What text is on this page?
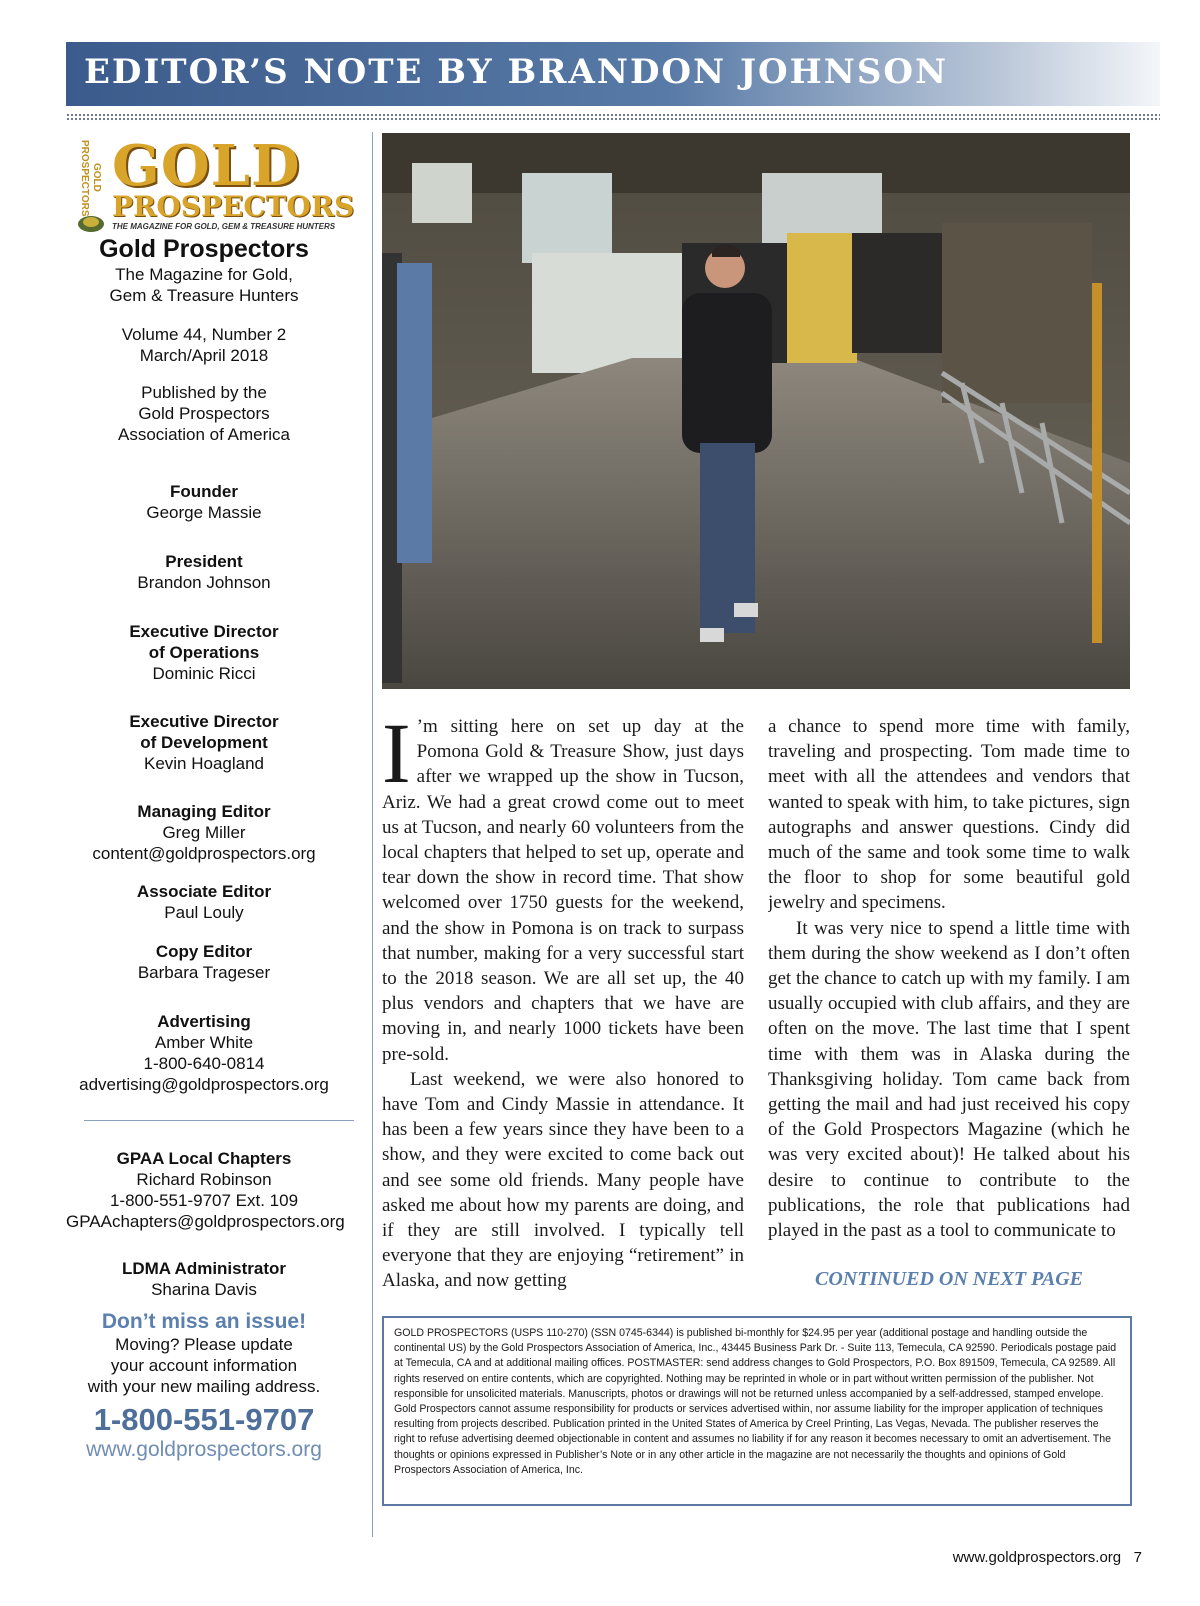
EDITOR’S NOTE BY BRANDON JOHNSON
GOLD PROSPECTORS GOLD
PROSPECTORS
THE MAGAZINE FOR GOLD, GEM & TREASURE HUNTERS
Gold Prospectors
The Magazine for Gold,
Gem & Treasure Hunters
Volume 44, Number 2
March/April 2018
Published by the
Gold Prospectors
Association of America
Founder
George Massie
President
Brandon Johnson
Executive Director
of Operations
Dominic Ricci
Executive Director
of Development
Kevin Hoagland
Managing Editor
Greg Miller
content@goldprospectors.org
Associate Editor
Paul Louly
Copy Editor
Barbara Trageser
Advertising
Amber White
1-800-640-0814
advertising@goldprospectors.org
GPAA Local Chapters
Richard Robinson
1-800-551-9707 Ext. 109
GPAAchapters@goldprospectors.org
LDMA Administrator
Sharina Davis
Don’t miss an issue!
Moving? Please update
your account information
with your new mailing address.
1-800-551-9707
www.goldprospectors.org

I ’m sitting here on set up day at the Pomona Gold & Treasure Show, just days after we wrapped up the show in Tucson, Ariz. We had a great crowd come out to meet us at Tucson, and nearly 60 volunteers from the local chapters that helped to set up, operate and tear down the show in record time. That show welcomed over 1750 guests for the weekend, and the show in Pomona is on track to surpass that number, making for a very successful start to the 2018 season. We are all set up, the 40 plus vendors and chapters that we have are moving in, and nearly 1000 tickets have been pre-sold.

Last weekend, we were also honored to have Tom and Cindy Massie in attendance. It has been a few years since they have been to a show, and they were excited to come back out and see some old friends. Many people have asked me about how my parents are doing, and if they are still involved. I typically tell everyone that they are enjoying “retirement” in Alaska, and now getting

a chance to spend more time with family, traveling and prospecting. Tom made time to meet with all the attendees and vendors that wanted to speak with him, to take pictures, sign autographs and answer questions. Cindy did much of the same and took some time to walk the floor to shop for some beautiful gold jewelry and specimens.

It was very nice to spend a little time with them during the show weekend as I don’t often get the chance to catch up with my family. I am usually occupied with club affairs, and they are often on the move. The last time that I spent time with them was in Alaska during the Thanksgiving holiday. Tom came back from getting the mail and had just received his copy of the Gold Prospectors Magazine (which he was very excited about)! He talked about his desire to continue to contribute to the publications, the role that publications had played in the past as a tool to communicate to

CONTINUED ON NEXT PAGE
GOLD PROSPECTORS (USPS 110-270) (SSN 0745-6344) is published bi-monthly for $24.95 per year (additional postage and handling outside the continental US) by the Gold Prospectors Association of America, Inc., 43445 Business Park Dr. - Suite 113, Temecula, CA 92590. Periodicals postage paid at Temecula, CA and at additional mailing offices. POSTMASTER: send address changes to Gold Prospectors, P.O. Box 891509, Temecula, CA 92589. All rights reserved on entire contents, which are copyrighted. Nothing may be reprinted in whole or in part without written permission of the publisher. Not responsible for unsolicited materials. Manuscripts, photos or drawings will not be returned unless accompanied by a self-addressed, stamped envelope. Gold Prospectors cannot assume responsibility for products or services advertised within, nor assume liability for the improper application of techniques resulting from projects described. Publication printed in the United States of America by Creel Printing, Las Vegas, Nevada. The publisher reserves the right to refuse advertising deemed objectionable in content and assumes no liability if for any reason it becomes necessary to omit an advertisement. The thoughts or opinions expressed in Publisher’s Note or in any other article in the magazine are not necessarily the thoughts and opinions of Gold Prospectors Association of America, Inc.
www.goldprospectors.org 7
